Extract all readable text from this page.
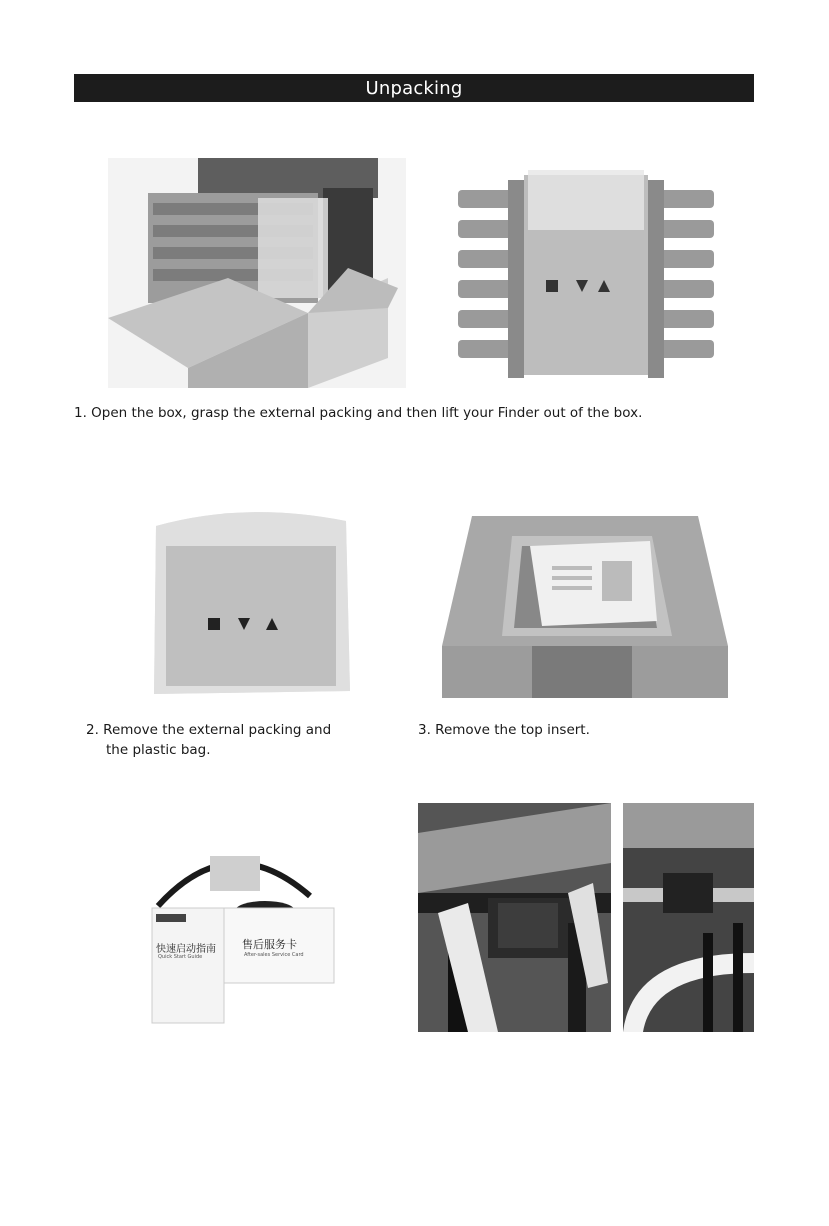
Unpacking
1. Open the box, grasp the external packing and then lift your Finder out of the box.
2. Remove the external packing and
the plastic bag.
3. Remove the top insert.
快速启动指南
Quick Start Guide
售后服务卡
After-sales Service Card
